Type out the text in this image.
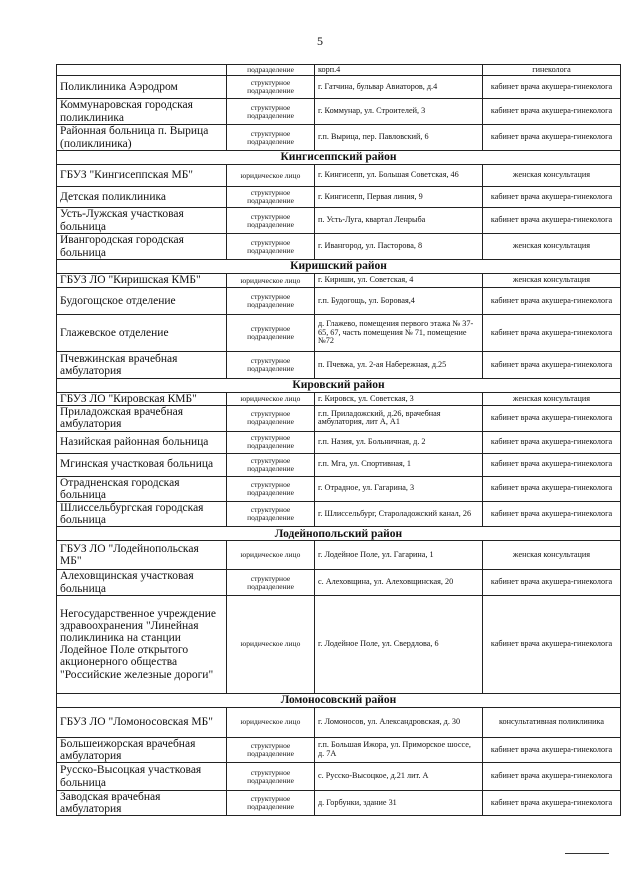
5
	подразделение	корп.4	гинеколога
Поликлиника Аэродром	структурное подразделение	г. Гатчина, бульвар Авиаторов, д.4	кабинет врача акушера-гинеколога
Коммунаровская городская поликлиника	структурное подразделение	г. Коммунар, ул. Строителей, 3	кабинет врача акушера-гинеколога
Районная больница п. Вырица (поликлиника)	структурное подразделение	г.п. Вырица, пер. Павловский, 6	кабинет врача акушера-гинеколога
Кингисеппский район			
ГБУЗ "Кингисеппская МБ"	юридическое лицо	г. Кингисепп, ул. Большая Советская, 46	женская консультация
Детская поликлиника	структурное подразделение	г. Кингисепп, Первая линия, 9	кабинет врача акушера-гинеколога
Усть-Лужская участковая больница	структурное подразделение	п. Усть-Луга, квартал Ленрыба	кабинет врача акушера-гинеколога
Ивангородская городская больница	структурное подразделение	г. Ивангород, ул. Пасторова, 8	женская консультация
Киришский район			
ГБУЗ ЛО "Киришская КМБ"	юридическое лицо	г. Кириши, ул. Советская, 4	женская консультация
Будогощское отделение	структурное подразделение	г.п. Будогощь, ул. Боровая,4	кабинет врача акушера-гинеколога
Глажевское отделение	структурное подразделение	д. Глажево, помещения первого этажа № 37-65, 67, часть помещения № 71, помещение №72	кабинет врача акушера-гинеколога
Пчевжинская врачебная амбулатория	структурное подразделение	п. Пчевжа, ул. 2-ая Набережная, д.25	кабинет врача акушера-гинеколога
Кировский район			
ГБУЗ ЛО "Кировская КМБ"	юридическое лицо	г. Кировск, ул. Советская, 3	женская консультация
Приладожская врачебная амбулатория	структурное подразделение	г.п. Приладожский, д.26, врачебная амбулатория, лит А, А1	кабинет врача акушера-гинеколога
Назийская районная больница	структурное подразделение	г.п. Назия, ул. Больничная, д. 2	кабинет врача акушера-гинеколога
Мгинская участковая больница	структурное подразделение	г.п. Мга, ул. Спортивная, 1	кабинет врача акушера-гинеколога
Отрадненская городская больница	структурное подразделение	г. Отрадное, ул. Гагарина, 3	кабинет врача акушера-гинеколога
Шлиссельбургская городская больница	структурное подразделение	г. Шлиссельбург, Староладожский канал, 26	кабинет врача акушера-гинеколога
Лодейнопольский район			
ГБУЗ ЛО "Лодейнопольская МБ"	юридическое лицо	г. Лодейное Поле, ул. Гагарина, 1	женская консультация
Алеховщинская участковая больница	структурное подразделение	с. Алеховщина, ул. Алеховщинская, 20	кабинет врача акушера-гинеколога
Негосударственное учреждение здравоохранения "Линейная поликлиника на станции Лодейное Поле открытого акционерного общества "Российские железные дороги"	юридическое лицо	г. Лодейное Поле, ул. Свердлова, 6	кабинет врача акушера-гинеколога
Ломоносовский район			
ГБУЗ ЛО "Ломоносовская МБ"	юридическое лицо	г. Ломоносов, ул. Александровская, д. 30	консультативная поликлиника
Большеижорская врачебная амбулатория	структурное подразделение	г.п. Большая Ижора, ул. Приморское шоссе, д. 7А	кабинет врача акушера-гинеколога
Русско-Высоцкая участковая больница	структурное подразделение	с. Русско-Высоцкое, д.21 лит. А	кабинет врача акушера-гинеколога
Заводская врачебная амбулатория	структурное подразделение	д. Горбунки, здание 31	кабинет врача акушера-гинеколога
